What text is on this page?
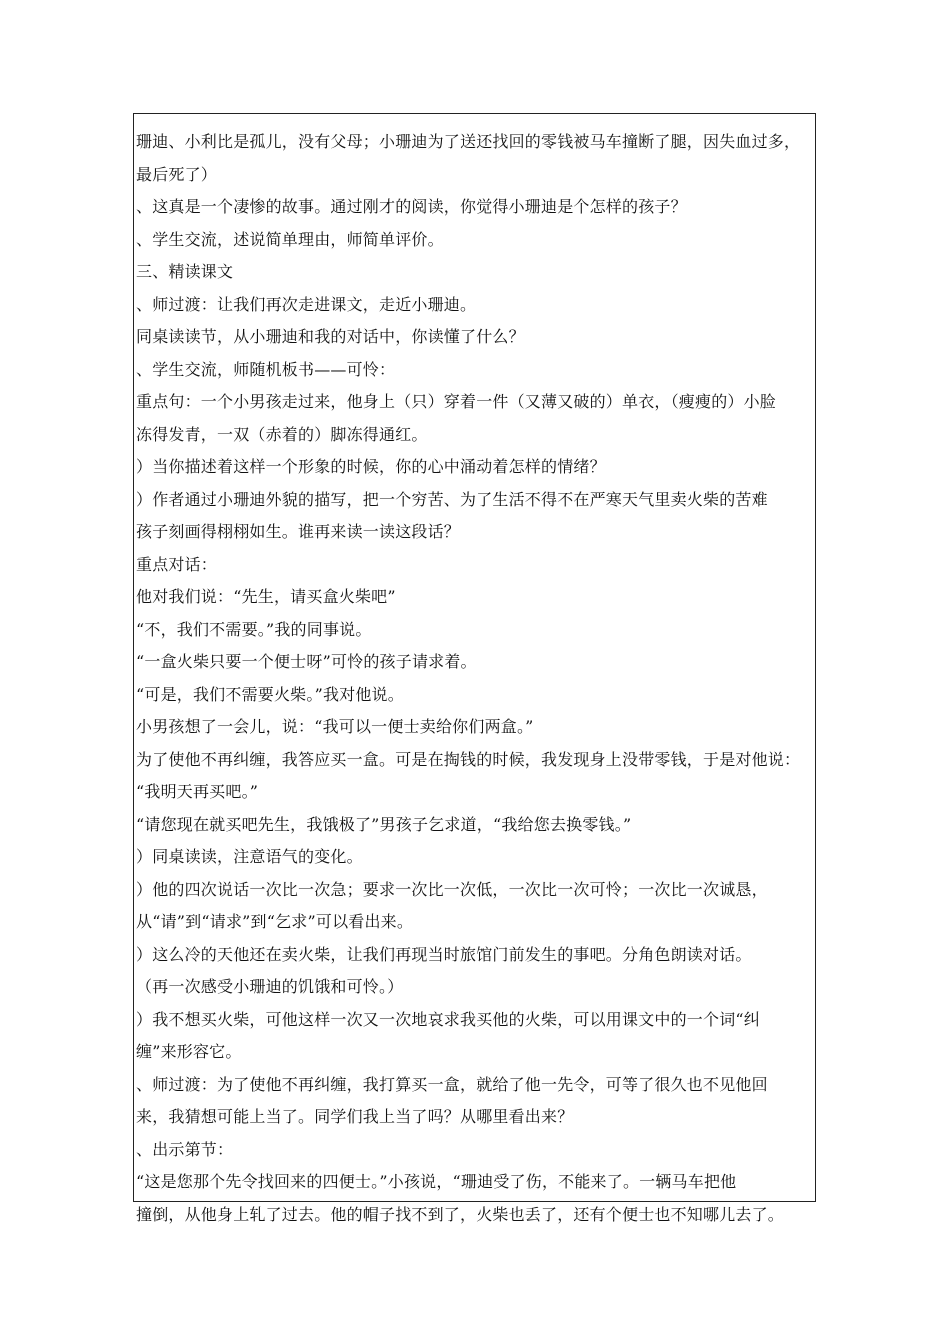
珊迪、小利比是孤儿，没有父母；小珊迪为了送还找回的零钱被马车撞断了腿，因失血过多，
最后死了）
、这真是一个凄惨的故事。通过刚才的阅读，你觉得小珊迪是个怎样的孩子？
、学生交流，述说简单理由，师简单评价。
三、精读课文
、师过渡：让我们再次走进课文，走近小珊迪。
同桌读读节，从小珊迪和我的对话中，你读懂了什么？
、学生交流，师随机板书——可怜：
重点句：一个小男孩走过来，他身上（只）穿着一件（又薄又破的）单衣，（瘦瘦的）小脸
冻得发青，一双（赤着的）脚冻得通红。
）当你描述着这样一个形象的时候，你的心中涌动着怎样的情绪？
）作者通过小珊迪外貌的描写，把一个穷苦、为了生活不得不在严寒天气里卖火柴的苦难
孩子刻画得栩栩如生。谁再来读一读这段话？
重点对话：
他对我们说：“先生，请买盒火柴吧”
“不，我们不需要。”我的同事说。
“一盒火柴只要一个便士呀”可怜的孩子请求着。
“可是，我们不需要火柴。”我对他说。
小男孩想了一会儿，说：“我可以一便士卖给你们两盒。”
为了使他不再纠缠，我答应买一盒。可是在掏钱的时候，我发现身上没带零钱，于是对他说：
“我明天再买吧。”
“请您现在就买吧先生，我饿极了”男孩子乞求道，“我给您去换零钱。”
）同桌读读，注意语气的变化。
）他的四次说话一次比一次急；要求一次比一次低，一次比一次可怜；一次比一次诚恳，
从“请”到“请求”到“乞求”可以看出来。
）这么冷的天他还在卖火柴，让我们再现当时旅馆门前发生的事吧。分角色朗读对话。
（再一次感受小珊迪的饥饿和可怜。）
）我不想买火柴，可他这样一次又一次地哀求我买他的火柴，可以用课文中的一个词“纠
缠”来形容它。
、师过渡：为了使他不再纠缠，我打算买一盒，就给了他一先令，可等了很久也不见他回
来，我猜想可能上当了。同学们我上当了吗？从哪里看出来？
、出示第节：
“这是您那个先令找回来的四便士。”小孩说，“珊迪受了伤，不能来了。一辆马车把他
撞倒，从他身上轧了过去。他的帽子找不到了，火柴也丢了，还有个便士也不知哪儿去了。
